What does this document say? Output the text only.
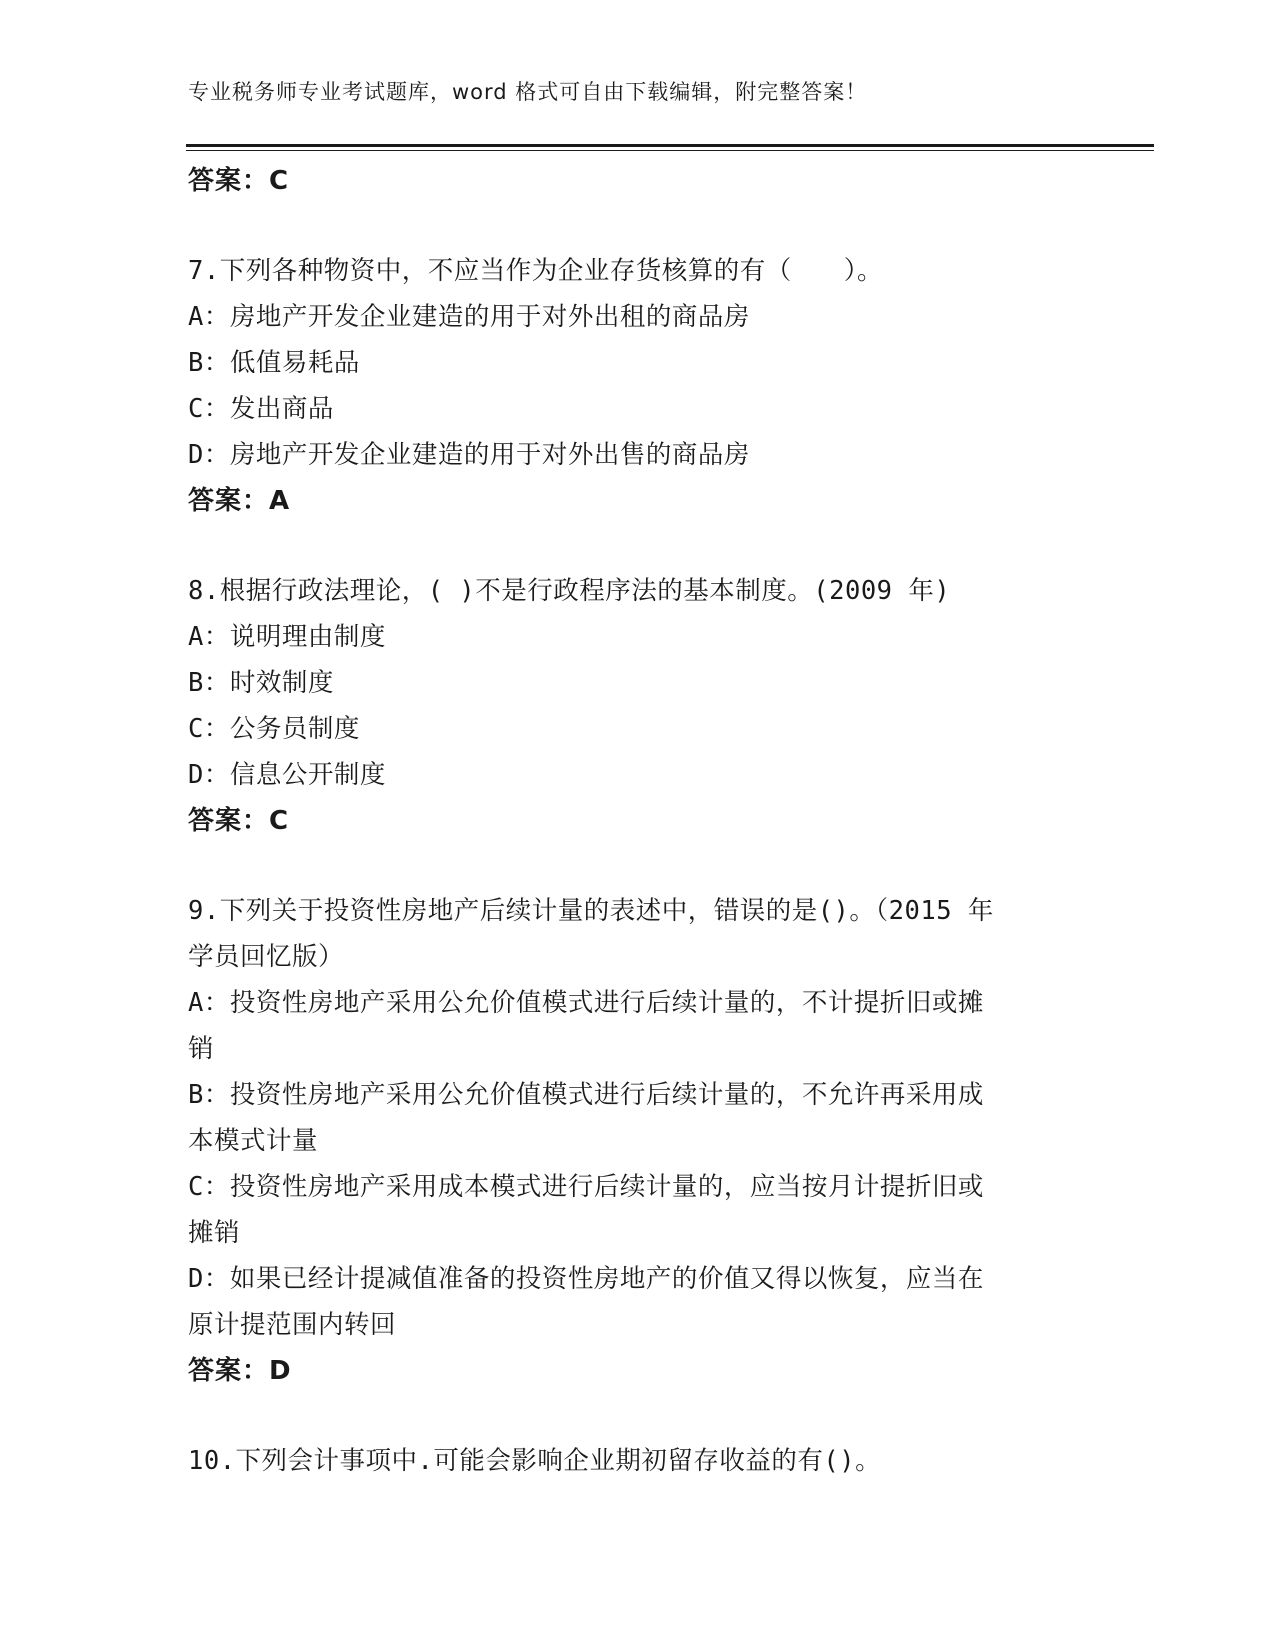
专业税务师专业考试题库，word 格式可自由下载编辑，附完整答案！
答案：C
7.下列各种物资中，不应当作为企业存货核算的有（　　）。
A：房地产开发企业建造的用于对外出租的商品房
B：低值易耗品
C：发出商品
D：房地产开发企业建造的用于对外出售的商品房
答案：A
8.根据行政法理论，( )不是行政程序法的基本制度。(2009 年)
A：说明理由制度
B：时效制度
C：公务员制度
D：信息公开制度
答案：C
9.下列关于投资性房地产后续计量的表述中，错误的是()。（2015 年
学员回忆版）
A：投资性房地产采用公允价值模式进行后续计量的，不计提折旧或摊
销
B：投资性房地产采用公允价值模式进行后续计量的，不允许再采用成
本模式计量
C：投资性房地产采用成本模式进行后续计量的，应当按月计提折旧或
摊销
D：如果已经计提减值准备的投资性房地产的价值又得以恢复，应当在
原计提范围内转回
答案：D
10.下列会计事项中.可能会影响企业期初留存收益的有()。
